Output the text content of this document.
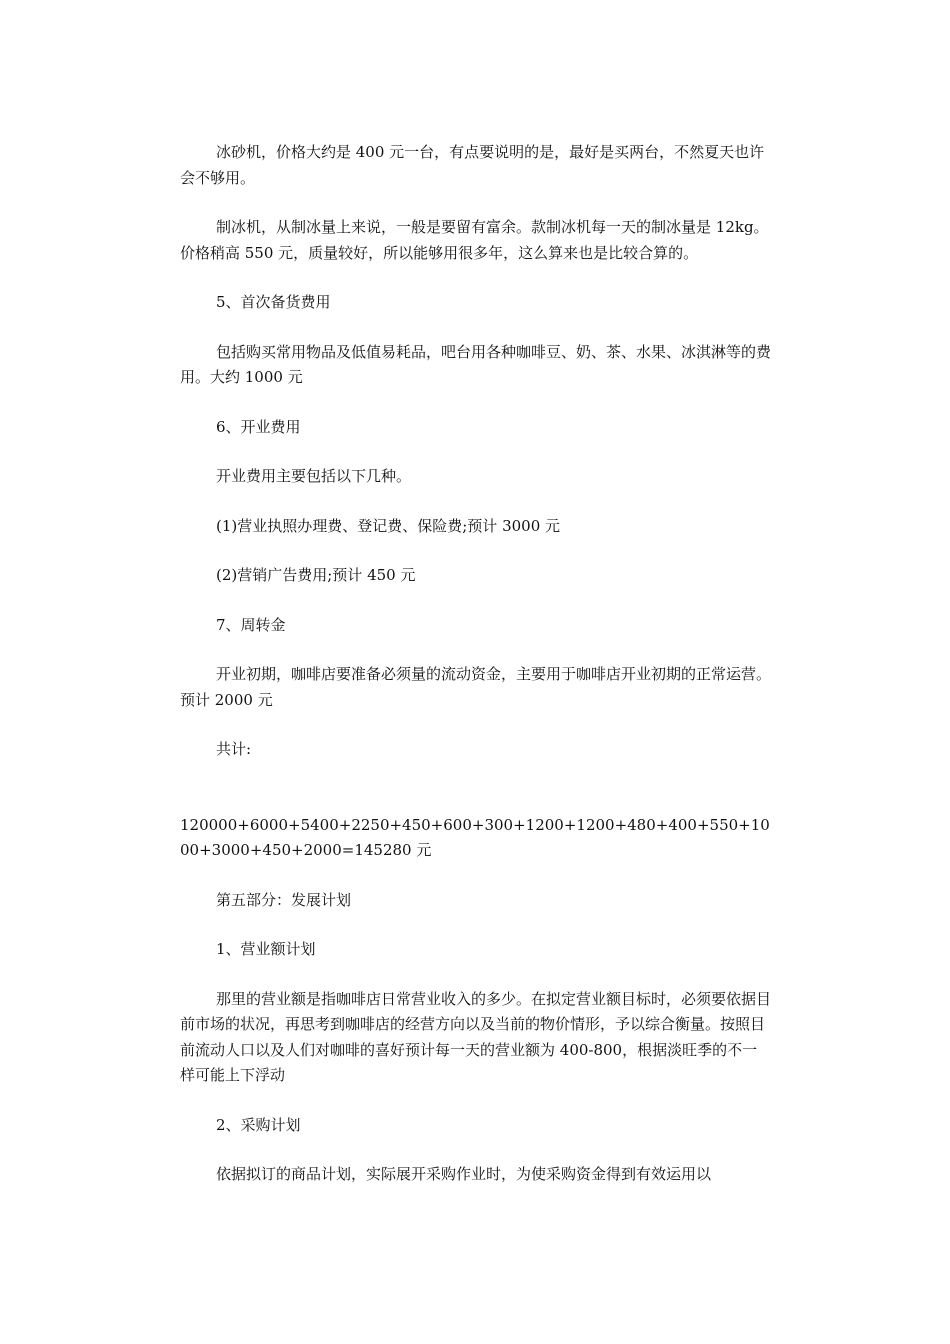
冰砂机，价格大约是 400 元一台，有点要说明的是，最好是买两台，不然夏天也许会不够用。

制冰机，从制冰量上来说，一般是要留有富余。款制冰机每一天的制冰量是 12kg。价格稍高 550 元，质量较好，所以能够用很多年，这么算来也是比较合算的。

5、首次备货费用

包括购买常用物品及低值易耗品，吧台用各种咖啡豆、奶、茶、水果、冰淇淋等的费用。大约 1000 元

6、开业费用

开业费用主要包括以下几种。

(1)营业执照办理费、登记费、保险费;预计 3000 元

(2)营销广告费用;预计 450 元

7、周转金

开业初期，咖啡店要准备必须量的流动资金，主要用于咖啡店开业初期的正常运营。 预计 2000 元

共计:

120000+6000+5400+2250+450+600+300+1200+1200+480+400+550+1000+3000+450+2000=145280 元

第五部分：发展计划

1、营业额计划

那里的营业额是指咖啡店日常营业收入的多少。在拟定营业额目标时，必须要依据目前市场的状况，再思考到咖啡店的经营方向以及当前的物价情形，予以综合衡量。按照目前流动人口以及人们对咖啡的喜好预计每一天的营业额为 400-800，根据淡旺季的不一样可能上下浮动

2、采购计划

依据拟订的商品计划，实际展开采购作业时，为使采购资金得到有效运用以
